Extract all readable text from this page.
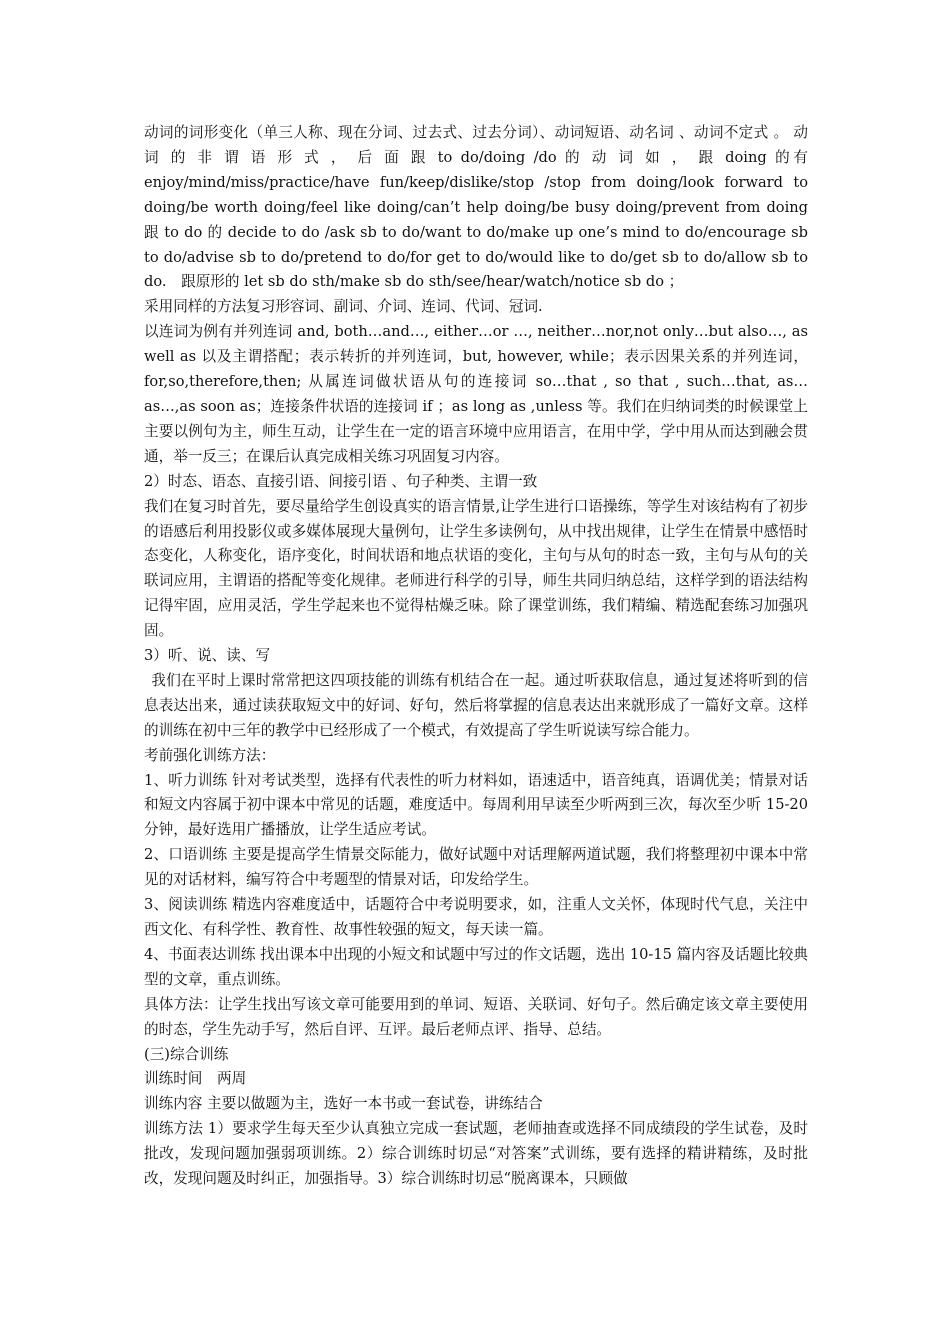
动词的词形变化（单三人称、现在分词、过去式、过去分词）、动词短语、动名词 、动词不定式 。 动 词 的 非 谓 语 形 式 ， 后 面 跟 to do/doing /do 的 动 词 如 ， 跟 doing 的有 enjoy/mind/miss/practice/have fun/keep/dislike/stop /stop from doing/look forward to doing/be worth doing/feel like doing/can’t help doing/be busy doing/prevent from doing　　跟 to do 的 decide to do /ask sb to do/want to do/make up one’s mind to do/encourage sb to do/advise sb to do/pretend to do/for get to do/would like to do/get sb to do/allow sb to do.　跟原形的 let sb do sth/make sb do sth/see/hear/watch/notice sb do ；

采用同样的方法复习形容词、副词、介词、连词、代词、冠词.

以连词为例有并列连词 and, both…and…, either…or …, neither…nor,not only…but also…, as well as 以及主谓搭配；表示转折的并列连词，but, however, while；表示因果关系的并列连词，for,so,therefore,then; 从属连词做状语从句的连接词 so…that , so that , such…that, as…as…,as soon as；连接条件状语的连接词 if ；as long as ,unless 等。我们在归纳词类的时候课堂上主要以例句为主，师生互动，让学生在一定的语言环境中应用语言，在用中学，学中用从而达到融会贯通，举一反三；在课后认真完成相关练习巩固复习内容。

2）时态、语态、直接引语、间接引语 、句子种类、主谓一致

我们在复习时首先，要尽量给学生创设真实的语言情景,让学生进行口语操练，等学生对该结构有了初步的语感后利用投影仪或多媒体展现大量例句，让学生多读例句，从中找出规律，让学生在情景中感悟时态变化，人称变化，语序变化，时间状语和地点状语的变化，主句与从句的时态一致，主句与从句的关联词应用，主谓语的搭配等变化规律。老师进行科学的引导，师生共同归纳总结，这样学到的语法结构记得牢固，应用灵活，学生学起来也不觉得枯燥乏味。除了课堂训练，我们精编、精选配套练习加强巩固。

3）听、说、读、写

我们在平时上课时常常把这四项技能的训练有机结合在一起。通过听获取信息，通过复述将听到的信息表达出来，通过读获取短文中的好词、好句，然后将掌握的信息表达出来就形成了一篇好文章。这样的训练在初中三年的教学中已经形成了一个模式，有效提高了学生听说读写综合能力。

考前强化训练方法：

1、听力训练 针对考试类型，选择有代表性的听力材料如，语速适中，语音纯真，语调优美；情景对话和短文内容属于初中课本中常见的话题，难度适中。每周利用早读至少听两到三次，每次至少听 15-20 分钟，最好选用广播播放，让学生适应考试。

2、口语训练 主要是提高学生情景交际能力，做好试题中对话理解两道试题，我们将整理初中课本中常见的对话材料，编写符合中考题型的情景对话，印发给学生。

3、阅读训练 精选内容难度适中，话题符合中考说明要求，如，注重人文关怀，体现时代气息，关注中西文化、有科学性、教育性、故事性较强的短文，每天读一篇。

4、书面表达训练 找出课本中出现的小短文和试题中写过的作文话题，选出 10-15 篇内容及话题比较典型的文章，重点训练。

具体方法：让学生找出写该文章可能要用到的单词、短语、关联词、好句子。然后确定该文章主要使用的时态，学生先动手写，然后自评、互评。最后老师点评、指导、总结。

(三)综合训练

训练时间　两周

训练内容 主要以做题为主，选好一本书或一套试卷，讲练结合

训练方法 1）要求学生每天至少认真独立完成一套试题，老师抽查或选择不同成绩段的学生试卷，及时批改，发现问题加强弱项训练。2）综合训练时切忌“对答案”式训练，要有选择的精讲精练，及时批改，发现问题及时纠正，加强指导。3）综合训练时切忌“脱离课本，只顾做
